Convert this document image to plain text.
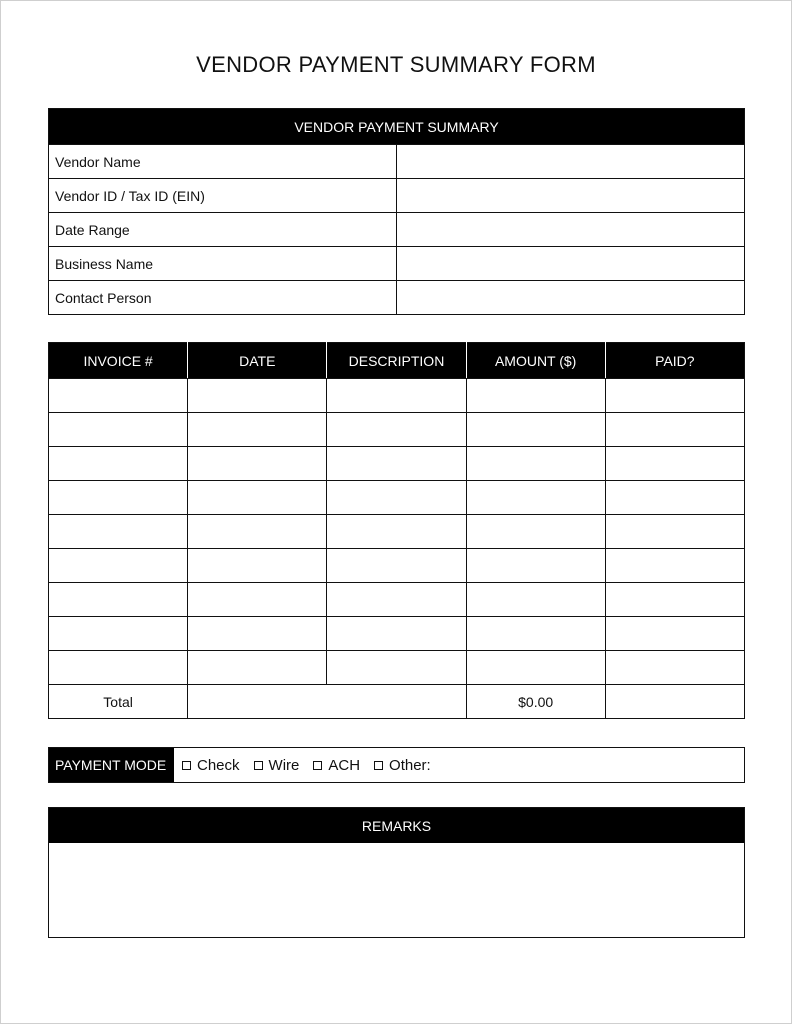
VENDOR PAYMENT SUMMARY FORM
VENDOR PAYMENT SUMMARY	
Vendor Name	
Vendor ID / Tax ID (EIN)	
Date Range	
Business Name	
Contact Person	
INVOICE #	DATE	DESCRIPTION	AMOUNT ($)	PAID?

Total			$0.00	
PAYMENT MODE	Check Wire ACH Other:
REMARKS
